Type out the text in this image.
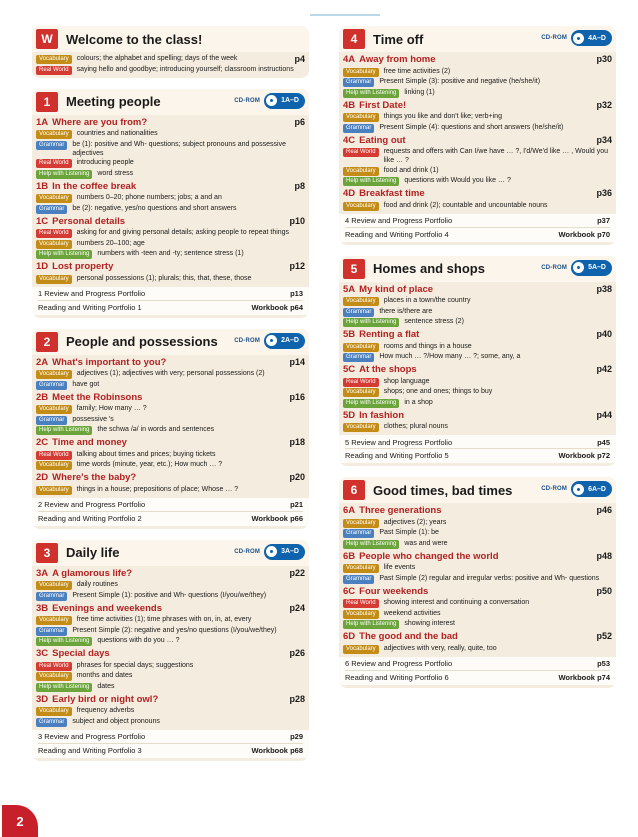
W	Welcome to the class!
Vocabulary	colours; the alphabet and spelling; days of the week	p4
Real World	saying hello and goodbye; introducing yourself; classroom instructions
1	Meeting people	CD-ROM	1A–D
1A Where are you from?	p6
Vocabulary	countries and nationalities
Grammar	be (1): positive and Wh- questions; subject pronouns and possessive adjectives
Real World	introducing people
Help with Listening	word stress
1B In the coffee break	p8
Vocabulary	numbers 0–20; phone numbers; jobs; a and an
Grammar	be (2): negative, yes/no questions and short answers
1C Personal details	p10
Real World	asking for and giving personal details; asking people to repeat things
Vocabulary	numbers 20–100; age
Help with Listening	numbers with -teen and -ty; sentence stress (1)
1D Lost property	p12
Vocabulary	personal possessions (1); plurals; this, that, these, those
1 Review and Progress Portfolio	p13
Reading and Writing Portfolio 1	Workbook p64
2	People and possessions	CD-ROM	2A–D
2A What's important to you?	p14
Vocabulary	adjectives (1); adjectives with very; personal possessions (2)
Grammar	have got
2B Meet the Robinsons	p16
Vocabulary	family; How many … ?
Grammar	possessive 's
Help with Listening	the schwa /ə/ in words and sentences
2C Time and money	p18
Real World	talking about times and prices; buying tickets
Vocabulary	time words (minute, year, etc.); How much … ?
2D Where's the baby?	p20
Vocabulary	things in a house; prepositions of place; Whose … ?
2 Review and Progress Portfolio	p21
Reading and Writing Portfolio 2	Workbook p66
3	Daily life	CD-ROM	3A–D
3A A glamorous life?	p22
Vocabulary	daily routines
Grammar	Present Simple (1): positive and Wh- questions (I/you/we/they)
3B Evenings and weekends	p24
Vocabulary	free time activities (1); time phrases with on, in, at, every
Grammar	Present Simple (2): negative and yes/no questions (I/you/we/they)
Help with Listening	questions with do you … ?
3C Special days	p26
Real World	phrases for special days; suggestions
Vocabulary	months and dates
Help with Listening	dates
3D Early bird or night owl?	p28
Vocabulary	frequency adverbs
Grammar	subject and object pronouns
3 Review and Progress Portfolio	p29
Reading and Writing Portfolio 3	Workbook p68
4	Time off	CD-ROM	4A–D
4A Away from home	p30
Vocabulary	free time activities (2)
Grammar	Present Simple (3): positive and negative (he/she/it)
Help with Listening	linking (1)
4B First Date!	p32
Vocabulary	things you like and don't like; verb+ing
Grammar	Present Simple (4): questions and short answers (he/she/it)
4C Eating out	p34
Real World	requests and offers with Can I/we have … ?, I'd/We'd like … , Would you like … ?
Vocabulary	food and drink (1)
Help with Listening	questions with Would you like … ?
4D Breakfast time	p36
Vocabulary	food and drink (2); countable and uncountable nouns
4 Review and Progress Portfolio	p37
Reading and Writing Portfolio 4	Workbook p70
5	Homes and shops	CD-ROM	5A–D
5A My kind of place	p38
Vocabulary	places in a town/the country
Grammar	there is/there are
Help with Listening	sentence stress (2)
5B Renting a flat	p40
Vocabulary	rooms and things in a house
Grammar	How much … ?/How many … ?; some, any, a
5C At the shops	p42
Real World	shop language
Vocabulary	shops; one and ones; things to buy
Help with Listening	in a shop
5D In fashion	p44
Vocabulary	clothes; plural nouns
5 Review and Progress Portfolio	p45
Reading and Writing Portfolio 5	Workbook p72
6	Good times, bad times	CD-ROM	6A–D
6A Three generations	p46
Vocabulary	adjectives (2); years
Grammar	Past Simple (1): be
Help with Listening	was and were
6B People who changed the world	p48
Vocabulary	life events
Grammar	Past Simple (2) regular and irregular verbs: positive and Wh- questions
6C Four weekends	p50
Real World	showing interest and continuing a conversation
Vocabulary	weekend activities
Help with Listening	showing interest
6D The good and the bad	p52
Vocabulary	adjectives with very, really, quite, too
6 Review and Progress Portfolio	p53
Reading and Writing Portfolio 6	Workbook p74
2
